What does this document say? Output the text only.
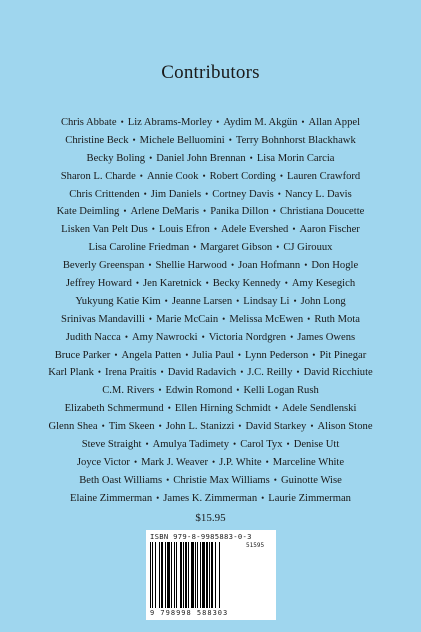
Contributors
Chris Abbate • Liz Abrams-Morley • Aydim M. Akgün • Allan Appel
Christine Beck • Michele Belluomini • Terry Bohnhorst Blackhawk
Becky Boling • Daniel John Brennan • Lisa Morin Carcia
Sharon L. Charde • Annie Cook • Robert Cording • Lauren Crawford
Chris Crittenden • Jim Daniels • Cortney Davis • Nancy L. Davis
Kate Deimling • Arlene DeMaris • Panika Dillon • Christiana Doucette
Lisken Van Pelt Dus • Louis Efron • Adele Evershed • Aaron Fischer
Lisa Caroline Friedman • Margaret Gibson • CJ Girouux
Beverly Greenspan • Shellie Harwood • Joan Hofmann • Don Hogle
Jeffrey Howard • Jen Karetnick • Becky Kennedy • Amy Kesegich
Yukyung Katie Kim • Jeanne Larsen • Lindsay Li • John Long
Srinivas Mandavilli • Marie McCain • Melissa McEwen • Ruth Mota
Judith Nacca • Amy Nawrocki • Victoria Nordgren • James Owens
Bruce Parker • Angela Patten • Julia Paul • Lynn Pederson • Pit Pinegar
Karl Plank • Irena Praitis • David Radavich • J.C. Reilly • David Ricchiute
C.M. Rivers • Edwin Romond • Kelli Logan Rush
Elizabeth Schmermund • Ellen Hirning Schmidt • Adele Sendlenski
Glenn Shea • Tim Skeen • John L. Stanizzi • David Starkey • Alison Stone
Steve Straight • Amulya Tadimety • Carol Tyx • Denise Utt
Joyce Victor • Mark J. Weaver • J.P. White • Marceline White
Beth Oast Williams • Christie Max Williams • Guinotte Wise
Elaine Zimmerman • James K. Zimmerman • Laurie Zimmerman
$15.95
ISBN 979-8-9985883-0-3
51595
9 798998 588303
